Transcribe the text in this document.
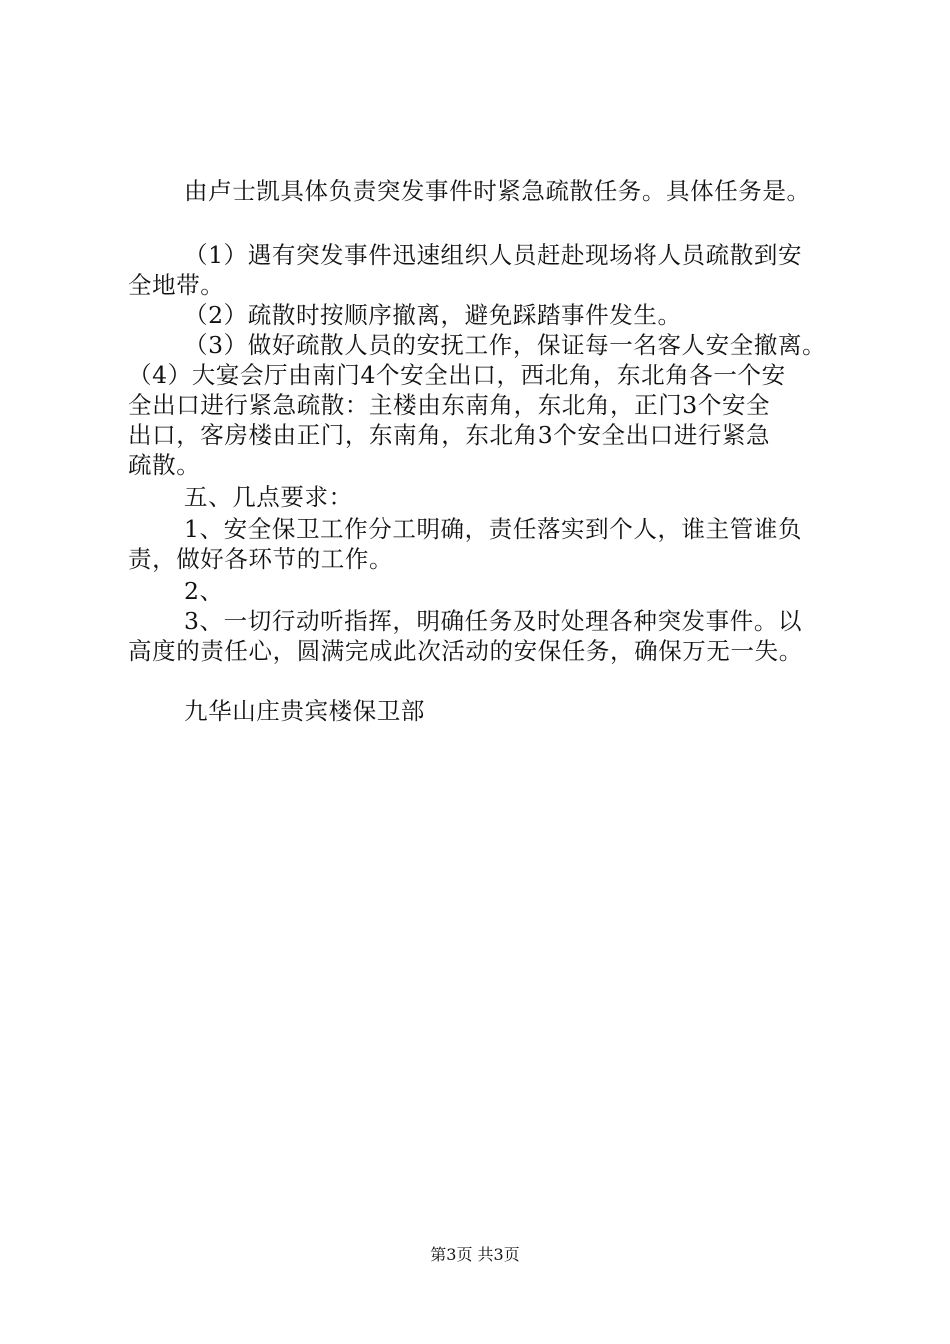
由卢士凯具体负责突发事件时紧急疏散任务。具体任务是。
（1）遇有突发事件迅速组织人员赶赴现场将人员疏散到安
全地带。
（2）疏散时按顺序撤离，避免踩踏事件发生。
（3）做好疏散人员的安抚工作，保证每一名客人安全撤离。
（4）大宴会厅由南门4个安全出口，西北角，东北角各一个安
全出口进行紧急疏散：主楼由东南角，东北角，正门3个安全
出口，客房楼由正门，东南角，东北角3个安全出口进行紧急
疏散。
五、几点要求：
1、安全保卫工作分工明确，责任落实到个人，谁主管谁负
责，做好各环节的工作。
2、
3、一切行动听指挥，明确任务及时处理各种突发事件。以
高度的责任心，圆满完成此次活动的安保任务，确保万无一失。
九华山庄贵宾楼保卫部
第3页 共3页
